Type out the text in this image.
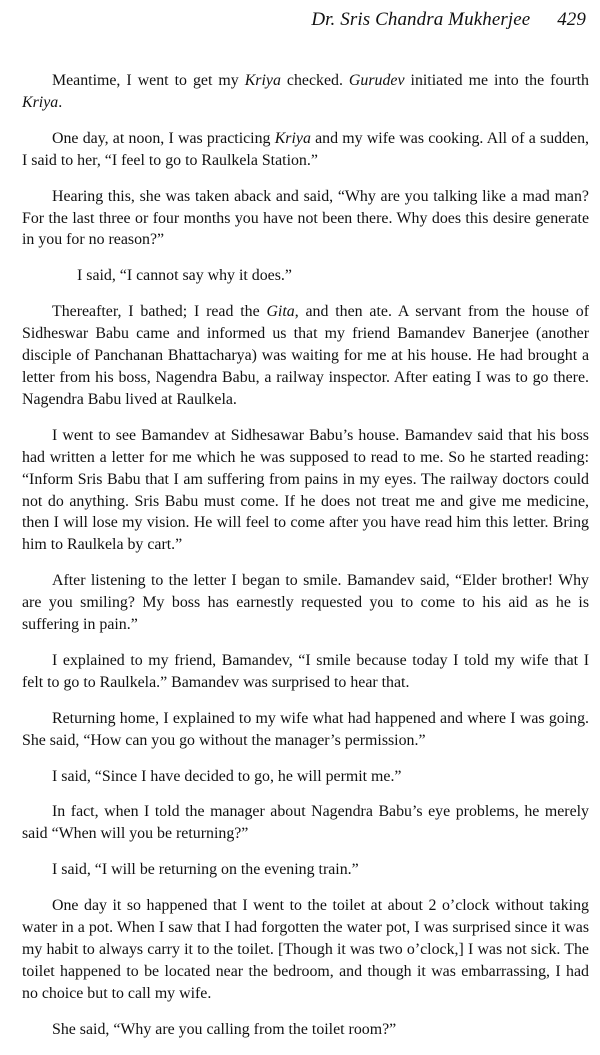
Dr. Sris Chandra Mukherjee 429

Meantime, I went to get my Kriya checked. Gurudev initiated me into the fourth Kriya.

One day, at noon, I was practicing Kriya and my wife was cooking. All of a sudden, I said to her, “I feel to go to Raulkela Station.”

Hearing this, she was taken aback and said, “Why are you talking like a mad man? For the last three or four months you have not been there. Why does this desire generate in you for no reason?”

I said, “I cannot say why it does.”

Thereafter, I bathed; I read the Gita, and then ate. A servant from the house of Sidheswar Babu came and informed us that my friend Bamandev Banerjee (another disciple of Panchanan Bhattacharya) was waiting for me at his house. He had brought a letter from his boss, Nagendra Babu, a railway inspector. After eating I was to go there. Nagendra Babu lived at Raulkela.

I went to see Bamandev at Sidhesawar Babu’s house. Bamandev said that his boss had written a letter for me which he was supposed to read to me. So he started reading: “Inform Sris Babu that I am suffering from pains in my eyes. The railway doctors could not do anything. Sris Babu must come. If he does not treat me and give me medicine, then I will lose my vision. He will feel to come after you have read him this letter. Bring him to Raulkela by cart.”

After listening to the letter I began to smile. Bamandev said, “Elder brother! Why are you smiling? My boss has earnestly requested you to come to his aid as he is suffering in pain.”

I explained to my friend, Bamandev, “I smile because today I told my wife that I felt to go to Raulkela.” Bamandev was surprised to hear that.

Returning home, I explained to my wife what had happened and where I was going. She said, “How can you go without the manager’s permission.”

I said, “Since I have decided to go, he will permit me.”

In fact, when I told the manager about Nagendra Babu’s eye problems, he merely said “When will you be returning?”

I said, “I will be returning on the evening train.”

One day it so happened that I went to the toilet at about 2 o’clock without taking water in a pot. When I saw that I had forgotten the water pot, I was surprised since it was my habit to always carry it to the toilet. [Though it was two o’clock,] I was not sick. The toilet happened to be located near the bedroom, and though it was embarrassing, I had no choice but to call my wife.

She said, “Why are you calling from the toilet room?”
